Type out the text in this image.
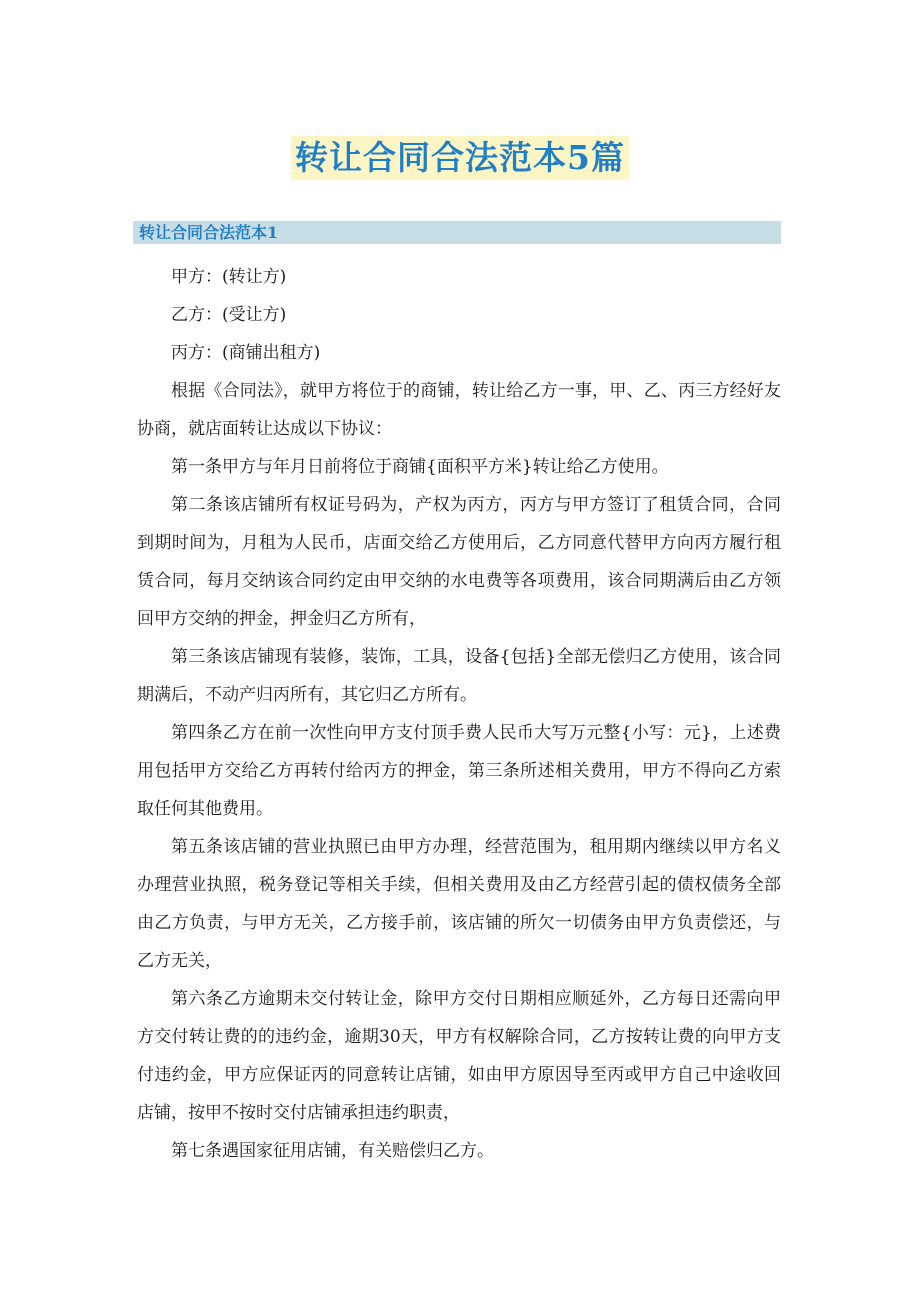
转让合同合法范本5篇
转让合同合法范本1

甲方：(转让方)

乙方：(受让方)

丙方：(商铺出租方)

根据《合同法》，就甲方将位于的商铺，转让给乙方一事，甲、乙、丙三方经好友协商，就店面转让达成以下协议：

第一条甲方与年月日前将位于商铺{面积平方米}转让给乙方使用。

第二条该店铺所有权证号码为，产权为丙方，丙方与甲方签订了租赁合同，合同到期时间为，月租为人民币，店面交给乙方使用后，乙方同意代替甲方向丙方履行租赁合同，每月交纳该合同约定由甲交纳的水电费等各项费用，该合同期满后由乙方领回甲方交纳的押金，押金归乙方所有，

第三条该店铺现有装修，装饰，工具，设备{包括}全部无偿归乙方使用，该合同期满后，不动产归丙所有，其它归乙方所有。

第四条乙方在前一次性向甲方支付顶手费人民币大写万元整{小写：元}，上述费用包括甲方交给乙方再转付给丙方的押金，第三条所述相关费用，甲方不得向乙方索取任何其他费用。

第五条该店铺的营业执照已由甲方办理，经营范围为，租用期内继续以甲方名义办理营业执照，税务登记等相关手续，但相关费用及由乙方经营引起的债权债务全部由乙方负责，与甲方无关，乙方接手前，该店铺的所欠一切债务由甲方负责偿还，与乙方无关，

第六条乙方逾期未交付转让金，除甲方交付日期相应顺延外，乙方每日还需向甲方交付转让费的的违约金，逾期30天，甲方有权解除合同，乙方按转让费的向甲方支付违约金，甲方应保证丙的同意转让店铺，如由甲方原因导至丙或甲方自己中途收回店铺，按甲不按时交付店铺承担违约职责，

第七条遇国家征用店铺，有关赔偿归乙方。
